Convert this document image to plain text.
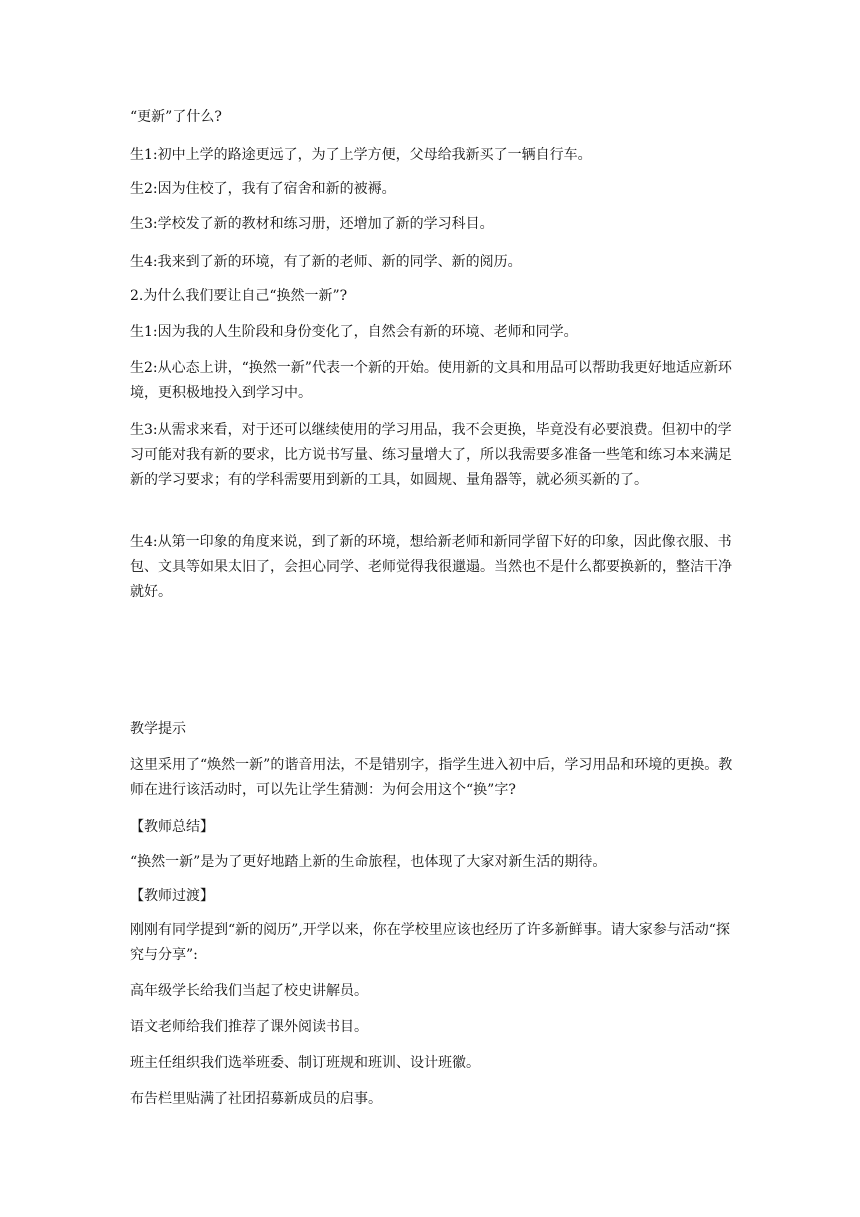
“更新”了什么?

生1:初中上学的路途更远了，为了上学方便，父母给我新买了一辆自行车。

生2:因为住校了，我有了宿舍和新的被褥。

生3:学校发了新的教材和练习册，还增加了新的学习科目。

生4:我来到了新的环境，有了新的老师、新的同学、新的阅历。

2.为什么我们要让自己“换然一新”?

生1:因为我的人生阶段和身份变化了，自然会有新的环境、老师和同学。

生2:从心态上讲，“换然一新”代表一个新的开始。使用新的文具和用品可以帮助我更好地适应新环境，更积极地投入到学习中。

生3:从需求来看，对于还可以继续使用的学习用品，我不会更换，毕竟没有必要浪费。但初中的学习可能对我有新的要求，比方说书写量、练习量增大了，所以我需要多准备一些笔和练习本来满足新的学习要求；有的学科需要用到新的工具，如圆规、量角器等，就必须买新的了。

生4:从第一印象的角度来说，到了新的环境，想给新老师和新同学留下好的印象，因此像衣服、书包、文具等如果太旧了，会担心同学、老师觉得我很邋遢。当然也不是什么都要换新的，整洁干净就好。

教学提示

这里采用了“焕然一新”的谐音用法，不是错别字，指学生进入初中后，学习用品和环境的更换。教师在进行该活动时，可以先让学生猜测：为何会用这个“换”字?

【教师总结】

“换然一新”是为了更好地踏上新的生命旅程，也体现了大家对新生活的期待。

【教师过渡】

刚刚有同学提到“新的阅历”,开学以来，你在学校里应该也经历了许多新鲜事。请大家参与活动“探究与分享”:

高年级学长给我们当起了校史讲解员。

语文老师给我们推荐了课外阅读书目。

班主任组织我们选举班委、制订班规和班训、设计班徽。

布告栏里贴满了社团招募新成员的启事。
